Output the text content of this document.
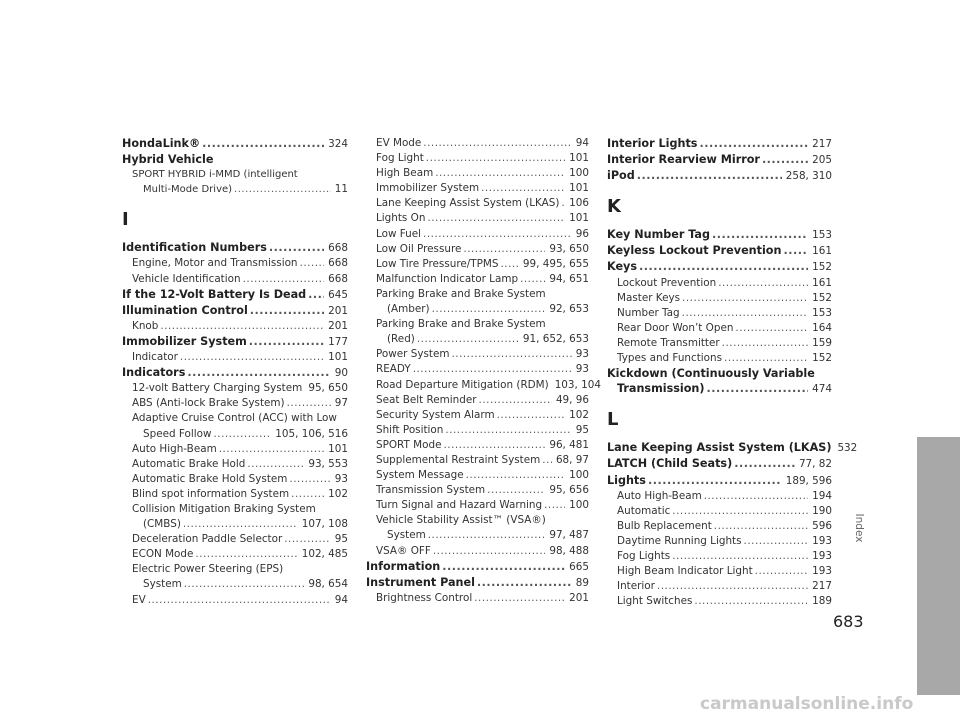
HondaLink® .....	324
Hybrid Vehicle
SPORT HYBRID i-MMD (intelligent
Multi-Mode Drive) .....	11
I
Identification Numbers .....	668
Engine, Motor and Transmission .....	668
Vehicle Identification .....	668
If the 12-Volt Battery Is Dead ..... 645
Illumination Control .....	201
Knob .....	201
Immobilizer System .....	177
Indicator .....	101
Indicators .....	90
12-volt Battery Charging System ..... 95, 650
ABS (Anti-lock Brake System) .....	97
Adaptive Cruise Control (ACC) with Low
Speed Follow .....	105, 106, 516
Auto High-Beam .....	101
Automatic Brake Hold .....	93, 553
Automatic Brake Hold System .....	93
Blind spot information System .....	102
Collision Mitigation Braking System
(CMBS) .....	107, 108
Deceleration Paddle Selector .....	95
ECON Mode .....	102, 485
Electric Power Steering (EPS)
System .....	98, 654
EV .....	94
EV Mode .....	94
Fog Light .....	101
High Beam .....	100
Immobilizer System .....	101
Lane Keeping Assist System (LKAS) ..... 106
Lights On .....	101
Low Fuel .....	96
Low Oil Pressure .....	93, 650
Low Tire Pressure/TPMS ..... 99, 495, 655
Malfunction Indicator Lamp .....	94, 651
Parking Brake and Brake System
(Amber) .....	92, 653
Parking Brake and Brake System
(Red) .....	91, 652, 653
Power System .....	93
READY .....	93
Road Departure Mitigation (RDM) 103, 104
Seat Belt Reminder .....	49, 96
Security System Alarm .....	102
Shift Position .....	95
SPORT Mode .....	96, 481
Supplemental Restraint System ..... 68, 97
System Message .....	100
Transmission System .....	95, 656
Turn Signal and Hazard Warning .....	100
Vehicle Stability Assist™ (VSA®)
System .....	97, 487
VSA® OFF .....	98, 488
Information .....	665
Instrument Panel .....	89
Brightness Control .....	201
Interior Lights .....	217
Interior Rearview Mirror .....	205
iPod .....	258, 310
K
Key Number Tag .....	153
Keyless Lockout Prevention .....	161
Keys .....	152
Lockout Prevention .....	161
Master Keys .....	152
Number Tag .....	153
Rear Door Won’t Open .....	164
Remote Transmitter .....	159
Types and Functions .....	152
Kickdown (Continuously Variable
Transmission) .....	474
L
Lane Keeping Assist System (LKAS) 532
LATCH (Child Seats) .....	77, 82
Lights .....	189, 596
Auto High-Beam .....	194
Automatic .....	190
Bulb Replacement .....	596
Daytime Running Lights .....	193
Fog Lights .....	193
High Beam Indicator Light .....	193
Interior .....	217
Light Switches .....	189
Index
683
carmanualsonline.info
